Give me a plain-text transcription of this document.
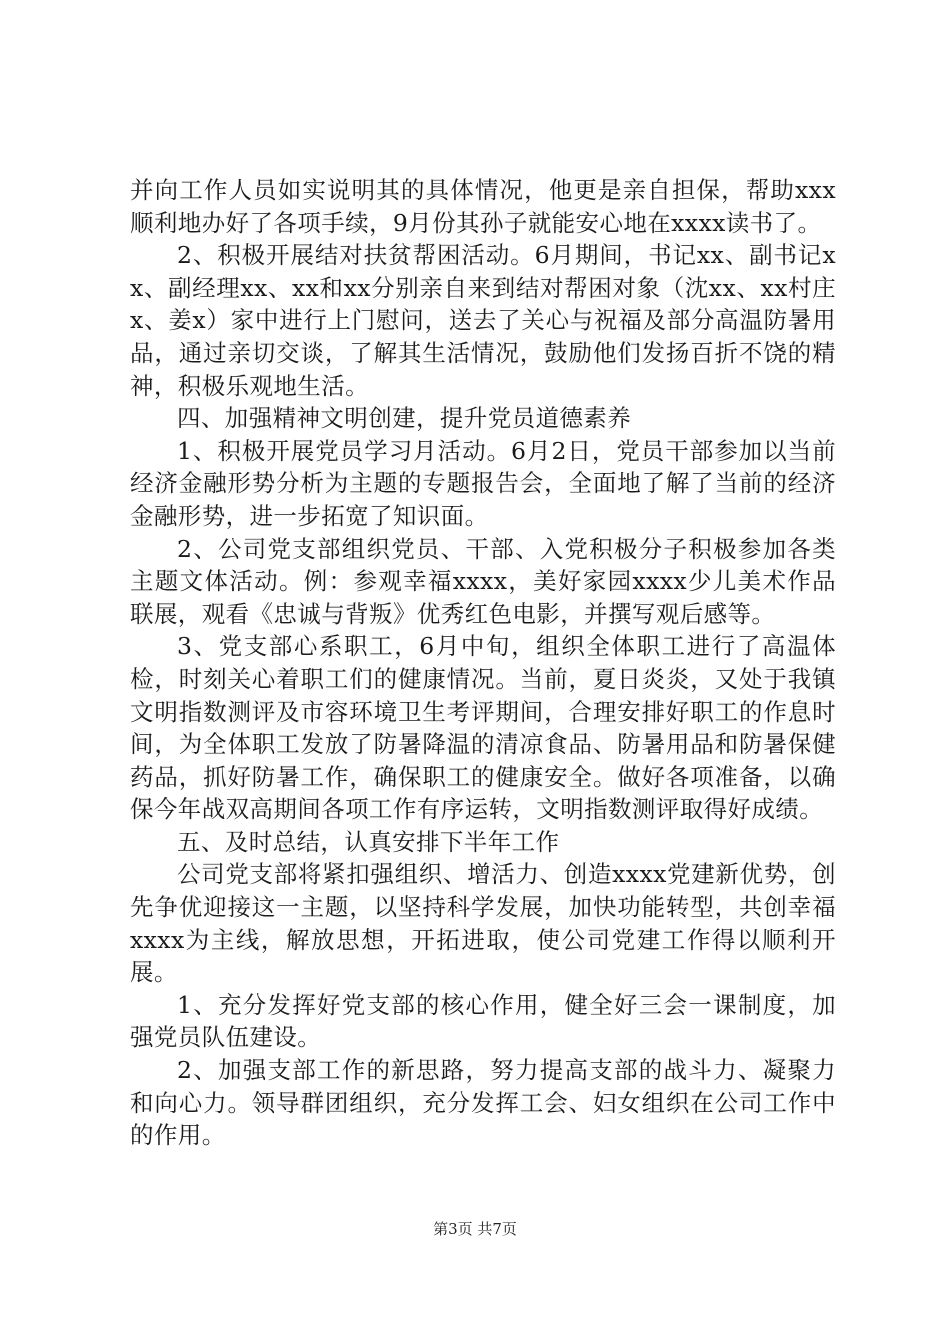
并向工作人员如实说明其的具体情况，他更是亲自担保，帮助xxx顺利地办好了各项手续，9月份其孙子就能安心地在xxxx读书了。

2、积极开展结对扶贫帮困活动。6月期间，书记xx、副书记xx、副经理xx、xx和xx分别亲自来到结对帮困对象（沈xx、xx村庄x、姜x）家中进行上门慰问，送去了关心与祝福及部分高温防暑用品，通过亲切交谈，了解其生活情况，鼓励他们发扬百折不饶的精神，积极乐观地生活。

四、加强精神文明创建，提升党员道德素养

1、积极开展党员学习月活动。6月2日，党员干部参加以当前经济金融形势分析为主题的专题报告会，全面地了解了当前的经济金融形势，进一步拓宽了知识面。

2、公司党支部组织党员、干部、入党积极分子积极参加各类主题文体活动。例：参观幸福xxxx，美好家园xxxx少儿美术作品联展，观看《忠诚与背叛》优秀红色电影，并撰写观后感等。

3、党支部心系职工，6月中旬，组织全体职工进行了高温体检，时刻关心着职工们的健康情况。当前，夏日炎炎，又处于我镇文明指数测评及市容环境卫生考评期间，合理安排好职工的作息时间，为全体职工发放了防暑降温的清凉食品、防暑用品和防暑保健药品，抓好防暑工作，确保职工的健康安全。做好各项准备，以确保今年战双高期间各项工作有序运转，文明指数测评取得好成绩。

五、及时总结，认真安排下半年工作

公司党支部将紧扣强组织、增活力、创造xxxx党建新优势，创先争优迎接这一主题，以坚持科学发展，加快功能转型，共创幸福xxxx为主线，解放思想，开拓进取，使公司党建工作得以顺利开展。

1、充分发挥好党支部的核心作用，健全好三会一课制度，加强党员队伍建设。

2、加强支部工作的新思路，努力提高支部的战斗力、凝聚力和向心力。领导群团组织，充分发挥工会、妇女组织在公司工作中的作用。

第3页 共7页
